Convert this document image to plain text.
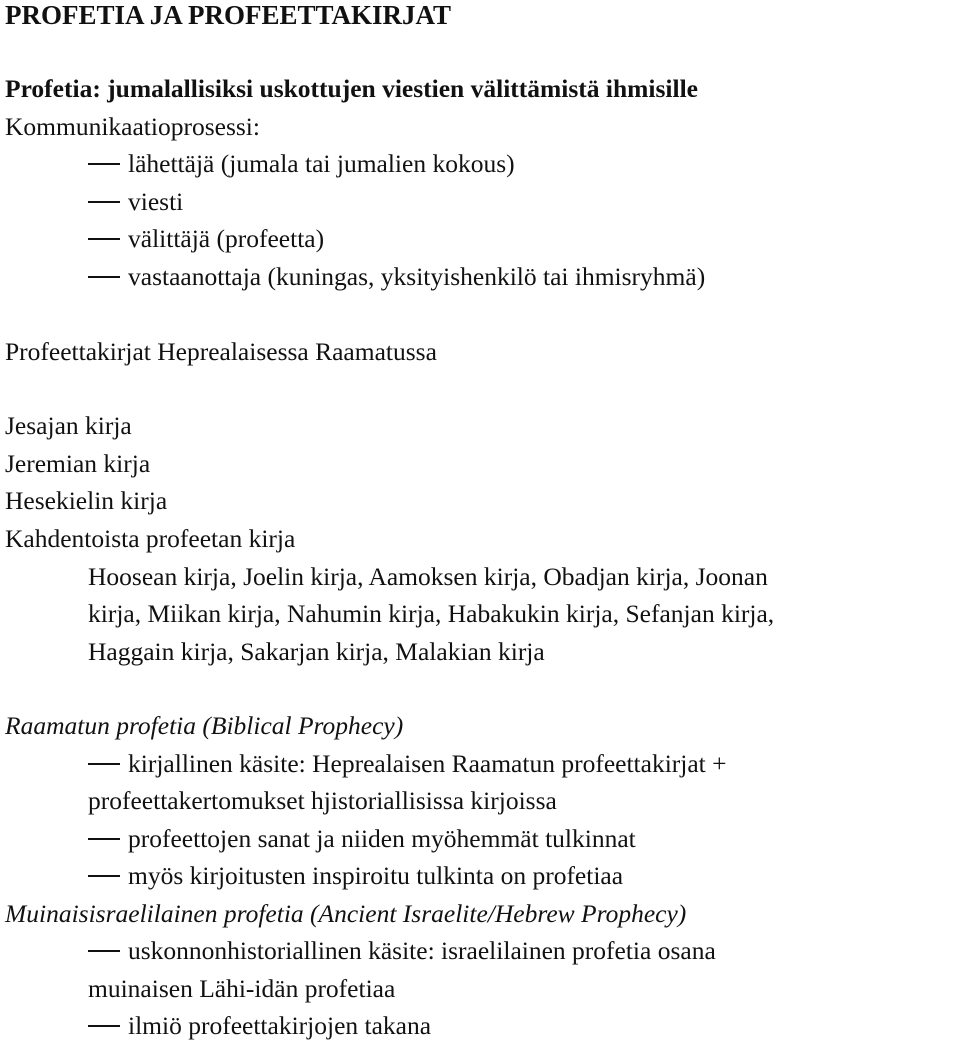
PROFETIA JA PROFEETTAKIRJAT
Profetia: jumalallisiksi uskottujen viestien välittämistä ihmisille
Kommunikaatioprosessi:
lähettäjä (jumala tai jumalien kokous)
viesti
välittäjä (profeetta)
vastaanottaja (kuningas, yksityishenkilö tai ihmisryhmä)
Profeettakirjat Heprealaisessa Raamatussa
Jesajan kirja
Jeremian kirja
Hesekielin kirja
Kahdentoista profeetan kirja
Hoosean kirja, Joelin kirja, Aamoksen kirja, Obadjan kirja, Joonan
kirja, Miikan kirja, Nahumin kirja, Habakukin kirja, Sefanjan kirja,
Haggain kirja, Sakarjan kirja, Malakian kirja
Raamatun profetia (Biblical Prophecy)
kirjallinen käsite: Heprealaisen Raamatun profeettakirjat +
profeettakertomukset hjistoriallisissa kirjoissa
profeettojen sanat ja niiden myöhemmät tulkinnat
myös kirjoitusten inspiroitu tulkinta on profetiaa
Muinaisisraelilainen profetia (Ancient Israelite/Hebrew Prophecy)
uskonnonhistoriallinen käsite: israelilainen profetia osana
muinaisen Lähi-idän profetiaa
ilmiö profeettakirjojen takana
